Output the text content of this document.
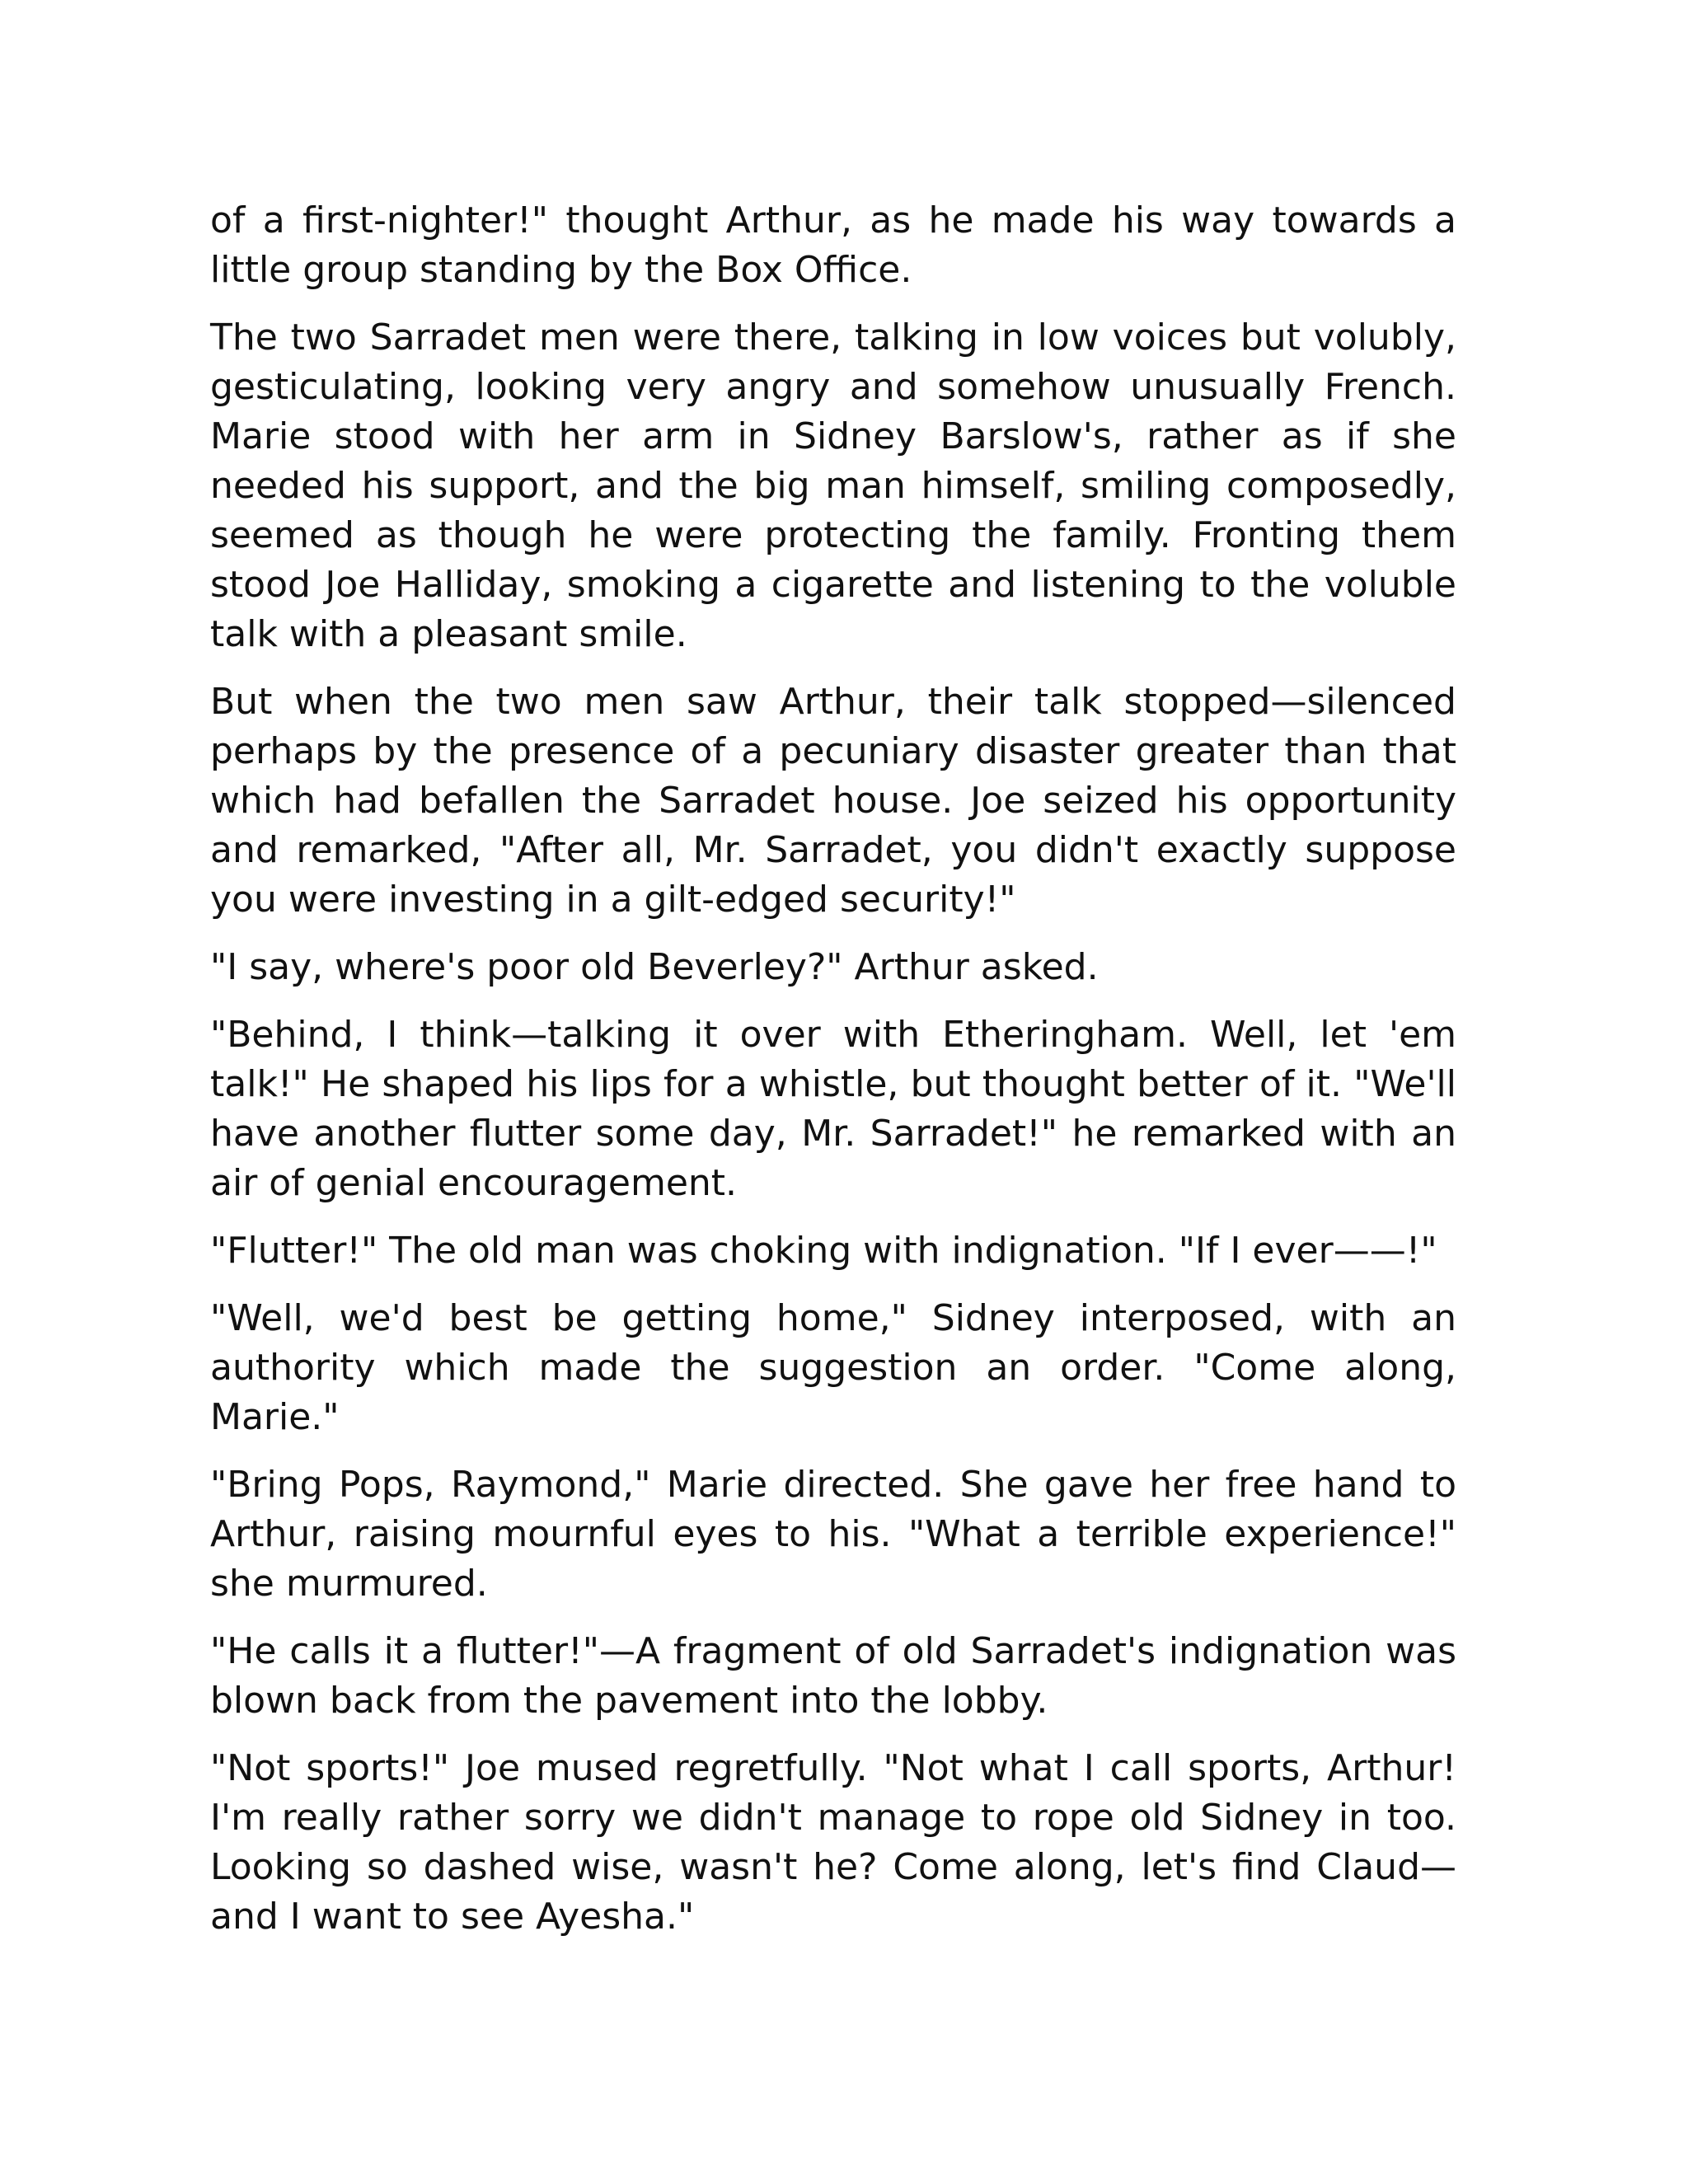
of a first-nighter!" thought Arthur, as he made his way towards a little group standing by the Box Office.

The two Sarradet men were there, talking in low voices but volubly, gesticulating, looking very angry and somehow unusually French. Marie stood with her arm in Sidney Barslow's, rather as if she needed his support, and the big man himself, smiling composedly, seemed as though he were protecting the family. Fronting them stood Joe Halliday, smoking a cigarette and listening to the voluble talk with a pleasant smile.

But when the two men saw Arthur, their talk stopped—silenced perhaps by the presence of a pecuniary disaster greater than that which had befallen the Sarradet house. Joe seized his opportunity and remarked, "After all, Mr. Sarradet, you didn't exactly suppose you were investing in a gilt-edged security!"

"I say, where's poor old Beverley?" Arthur asked.

"Behind, I think—talking it over with Etheringham. Well, let 'em talk!" He shaped his lips for a whistle, but thought better of it. "We'll have another flutter some day, Mr. Sarradet!" he remarked with an air of genial encouragement.

"Flutter!" The old man was choking with indignation. "If I ever——!"

"Well, we'd best be getting home," Sidney interposed, with an authority which made the suggestion an order. "Come along, Marie."

"Bring Pops, Raymond," Marie directed. She gave her free hand to Arthur, raising mournful eyes to his. "What a terrible experience!" she murmured.

"He calls it a flutter!"—A fragment of old Sarradet's indignation was blown back from the pavement into the lobby.

"Not sports!" Joe mused regretfully. "Not what I call sports, Arthur! I'm really rather sorry we didn't manage to rope old Sidney in too. Looking so dashed wise, wasn't he? Come along, let's find Claud—and I want to see Ayesha."
